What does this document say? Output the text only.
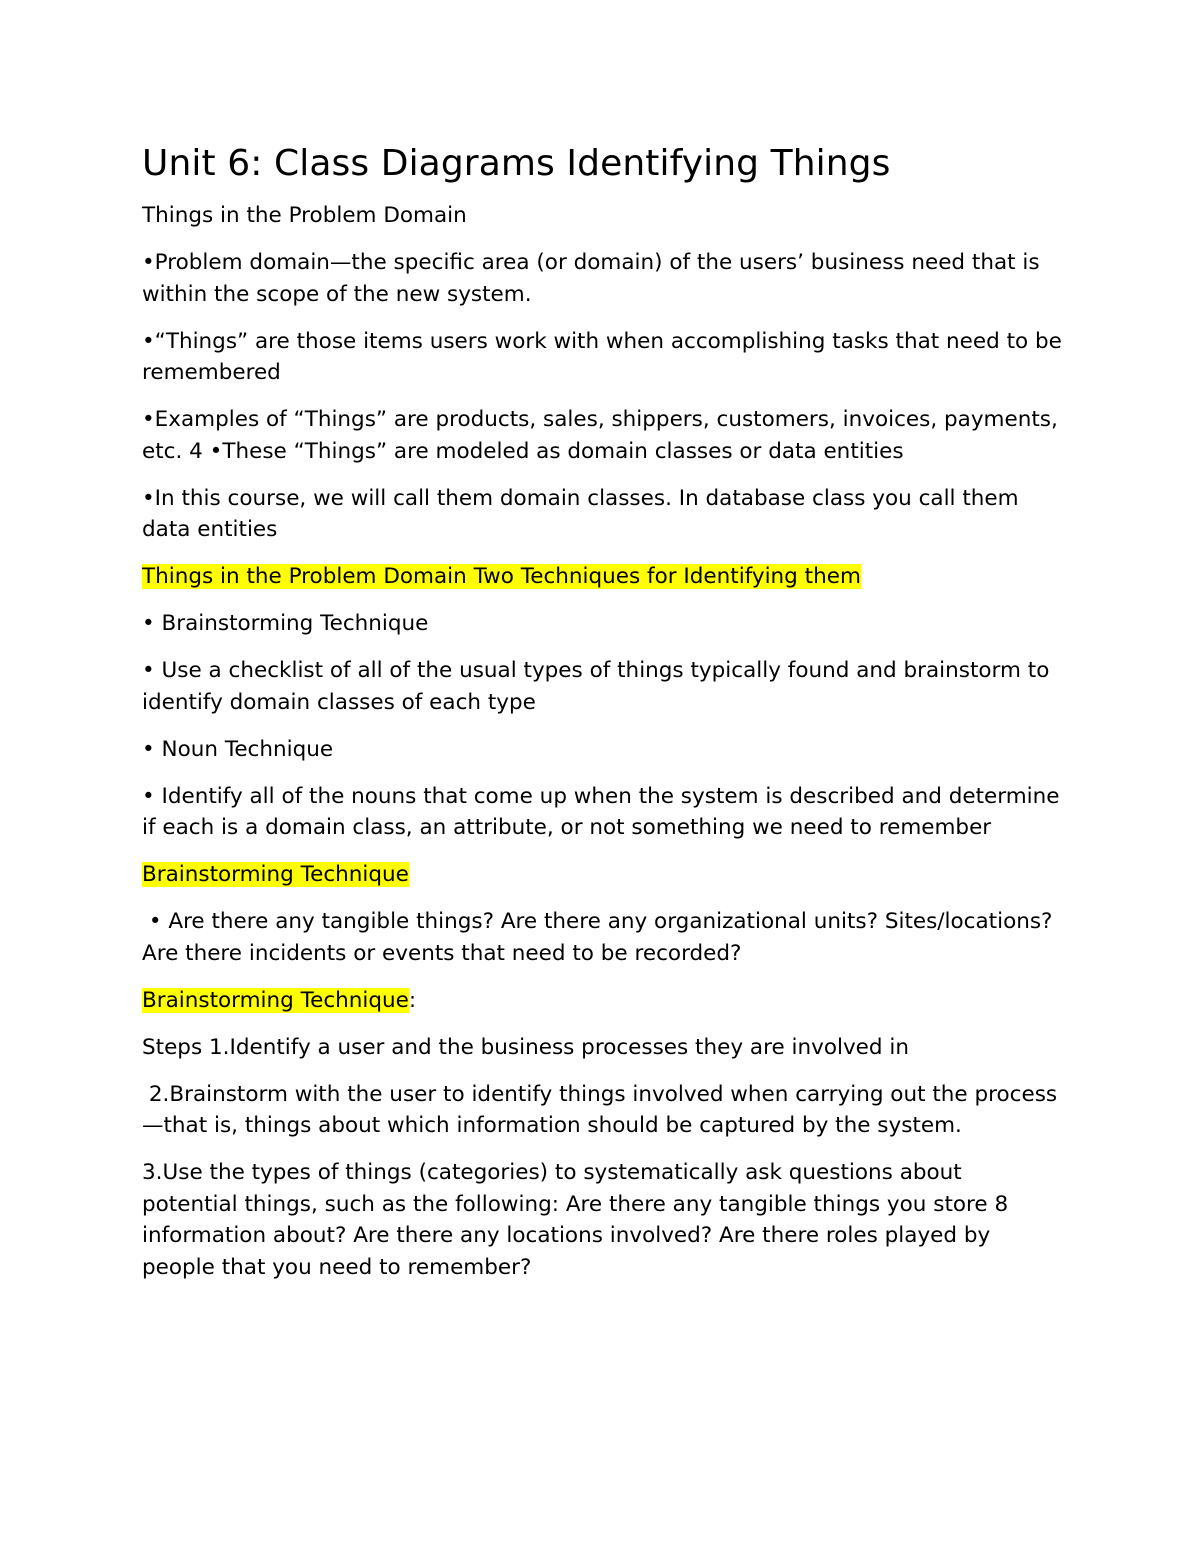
Unit 6: Class Diagrams Identifying Things

Things in the Problem Domain

•Problem domain—the specific area (or domain) of the users’ business need that is within the scope of the new system.

•“Things” are those items users work with when accomplishing tasks that need to be remembered

•Examples of “Things” are products, sales, shippers, customers, invoices, payments, etc. 4 •These “Things” are modeled as domain classes or data entities

•In this course, we will call them domain classes. In database class you call them data entities

Things in the Problem Domain Two Techniques for Identifying them

• Brainstorming Technique

• Use a checklist of all of the usual types of things typically found and brainstorm to identify domain classes of each type

• Noun Technique

• Identify all of the nouns that come up when the system is described and determine if each is a domain class, an attribute, or not something we need to remember

Brainstorming Technique

• Are there any tangible things? Are there any organizational units? Sites/locations? Are there incidents or events that need to be recorded?

Brainstorming Technique:

Steps 1.Identify a user and the business processes they are involved in

2.Brainstorm with the user to identify things involved when carrying out the process—that is, things about which information should be captured by the system.

3.Use the types of things (categories) to systematically ask questions about potential things, such as the following: Are there any tangible things you store 8 information about? Are there any locations involved? Are there roles played by people that you need to remember?
